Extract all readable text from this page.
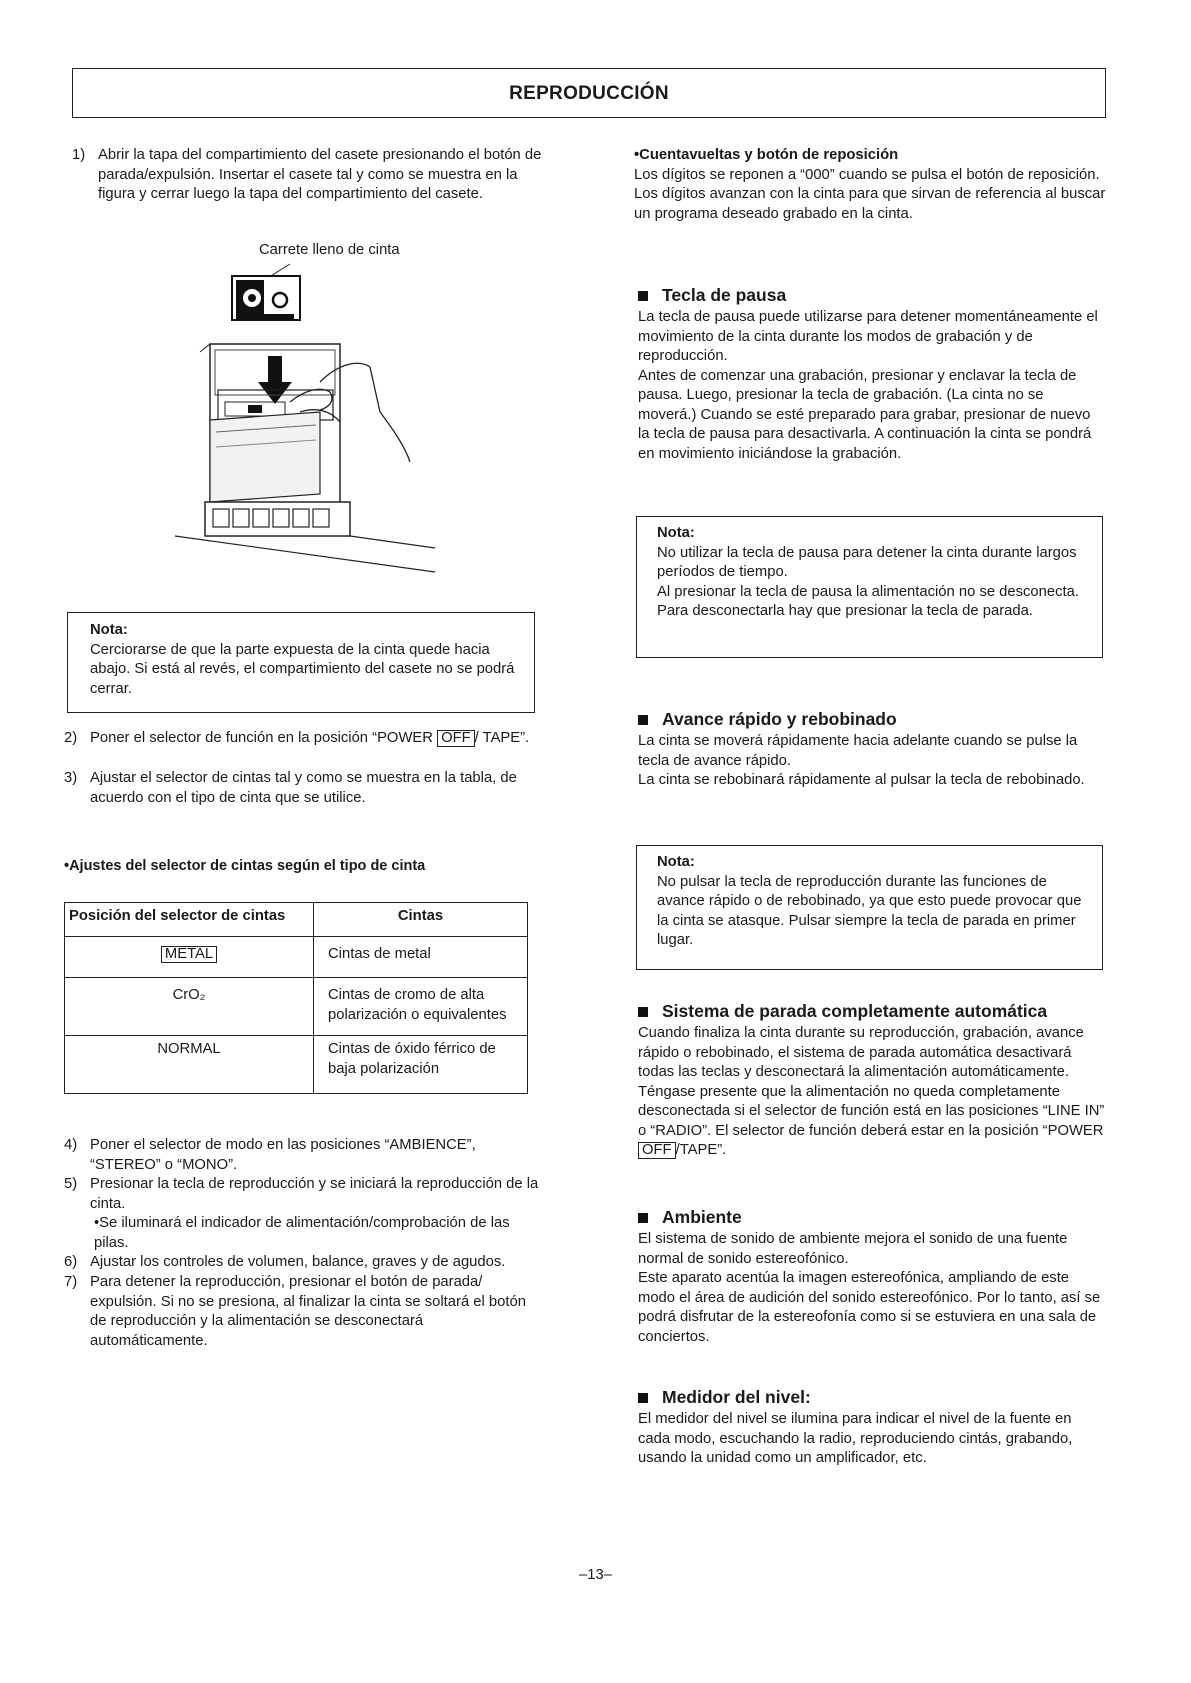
REPRODUCCIÓN
1) Abrir la tapa del compartimiento del casete presionando el botón de parada/expulsión. Insertar el casete tal y como se muestra en la figura y cerrar luego la tapa del compartimiento del casete.
Carrete lleno de cinta
Nota:
Cerciorarse de que la parte expuesta de la cinta quede hacia abajo. Si está al revés, el compartimiento del casete no se podrá cerrar.
2) Poner el selector de función en la posición “POWER OFF / TAPE”.
3) Ajustar el selector de cintas tal y como se muestra en la tabla, de acuerdo con el tipo de cinta que se utilice.
•Ajustes del selector de cintas según el tipo de cinta
Posición del selector de cintas	Cintas
METAL	Cintas de metal
CrO₂	Cintas de cromo de alta polarización o equivalentes
NORMAL	Cintas de óxido férrico de baja polarización
4) Poner el selector de modo en las posiciones “AMBIENCE”, “STEREO” o “MONO”.
5) Presionar la tecla de reproducción y se iniciará la reproducción de la cinta.

•Se iluminará el indicador de alimentación/comprobación de las pilas.
6) Ajustar los controles de volumen, balance, graves y de agudos.
7) Para detener la reproducción, presionar el botón de parada/ expulsión. Si no se presiona, al finalizar la cinta se soltará el botón de reproducción y la alimentación se desconectará automáticamente.
•Cuentavueltas y botón de reposición
Los dígitos se reponen a “000” cuando se pulsa el botón de reposición. Los dígitos avanzan con la cinta para que sirvan de referencia al buscar un programa deseado grabado en la cinta.
Tecla de pausa
La tecla de pausa puede utilizarse para detener momentáneamente el movimiento de la cinta durante los modos de grabación y de reproducción.
Antes de comenzar una grabación, presionar y enclavar la tecla de pausa. Luego, presionar la tecla de grabación. (La cinta no se moverá.) Cuando se esté preparado para grabar, presionar de nuevo la tecla de pausa para desactivarla. A continuación la cinta se pondrá en movimiento iniciándose la grabación.
Nota:
No utilizar la tecla de pausa para detener la cinta durante largos períodos de tiempo.
Al presionar la tecla de pausa la alimentación no se desconecta. Para desconectarla hay que presionar la tecla de parada.
Avance rápido y rebobinado
La cinta se moverá rápidamente hacia adelante cuando se pulse la tecla de avance rápido.
La cinta se rebobinará rápidamente al pulsar la tecla de rebobinado.
Nota:
No pulsar la tecla de reproducción durante las funciones de avance rápido o de rebobinado, ya que esto puede provocar que la cinta se atasque. Pulsar siempre la tecla de parada en primer lugar.
Sistema de parada completamente automática
Cuando finaliza la cinta durante su reproducción, grabación, avance rápido o rebobinado, el sistema de parada automática desactivará todas las teclas y desconectará la alimentación automáticamente.
Téngase presente que la alimentación no queda completamente desconectada si el selector de función está en las posiciones “LINE IN” o “RADIO”. El selector de función deberá estar en la posición “POWER OFF /TAPE”.
Ambiente
El sistema de sonido de ambiente mejora el sonido de una fuente normal de sonido estereofónico.
Este aparato acentúa la imagen estereofónica, ampliando de este modo el área de audición del sonido estereofónico. Por lo tanto, así se podrá disfrutar de la estereofonía como si se estuviera en una sala de conciertos.
Medidor del nivel:
El medidor del nivel se ilumina para indicar el nivel de la fuente en cada modo, escuchando la radio, reproduciendo cintás, grabando, usando la unidad como un amplificador, etc.
–13–
